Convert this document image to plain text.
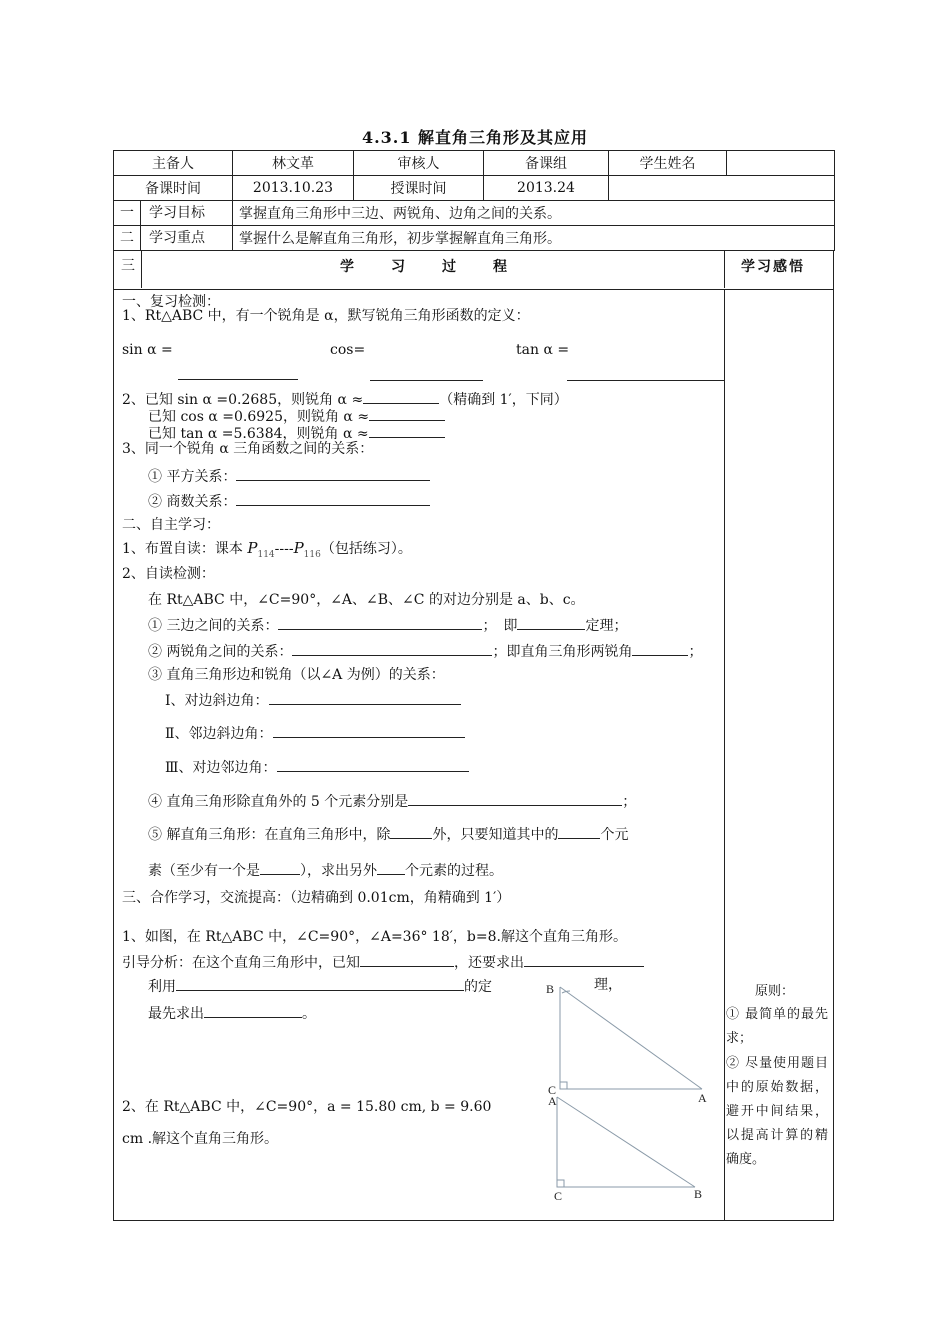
4.3.1 解直角三角形及其应用
主备人	林文革	审核人	备课组	学生姓名	
备课时间	2013.10.23	授课时间	2013.24		
一 学习目标	掌握直角三角形中三边、两锐角、边角之间的关系。				
二 学习重点	掌握什么是解直角三角形，初步掌握解直角三角形。				
三	学　　习　　过　　程	学习感悟
一、复习检测：
1、Rt△ABC 中，有一个锐角是 α，默写锐角三角形函数的定义：
sin α =	cos=	tan α =
2、已知 sin α =0.2685，则锐角 α ≈	（精确到 1′，下同）
已知 cos α =0.6925，则锐角 α ≈
已知 tan α =5.6384，则锐角 α ≈
3、同一个锐角 α 三角函数之间的关系：
① 平方关系：
② 商数关系：
二、自主学习：
1、布置自读：课本 $P_{114}----P_{116}$（包括练习）。
2、自读检测：
在 Rt△ABC 中，∠C=90°，∠A、∠B、∠C 的对边分别是 a、b、c。
① 三边之间的关系：	；　即	定理；
② 两锐角之间的关系：	；即直角三角形两锐角	；
③ 直角三角形边和锐角（以∠A 为例）的关系：
Ⅰ、对边斜边角：
Ⅱ、邻边斜边角：
Ⅲ、对边邻边角：
④ 直角三角形除直角外的 5 个元素分别是	；
⑤ 解直角三角形：在直角三角形中，除	外，只要知道其中的	个元
素（至少有一个是	），求出另外 个元素的过程。
三、合作学习，交流提高：（边精确到 0.01cm，角精确到 1′）
1、如图，在 Rt△ABC 中，∠C=90°，∠A=36° 18′，b=8.解这个直角三角形。
引导分析：在这个直角三角形中，已知	，还要求出
利用	的定	理，
最先求出	。
2、在 Rt△ABC 中，∠C=90°，a = 15.80 cm, b = 9.60
cm .解这个直角三角形。
B
C
A
A
C	B
原则：
① 最简单的最先求；
② 尽量使用题目中的原始数据，避开中间结果，以提高计算的精确度。
